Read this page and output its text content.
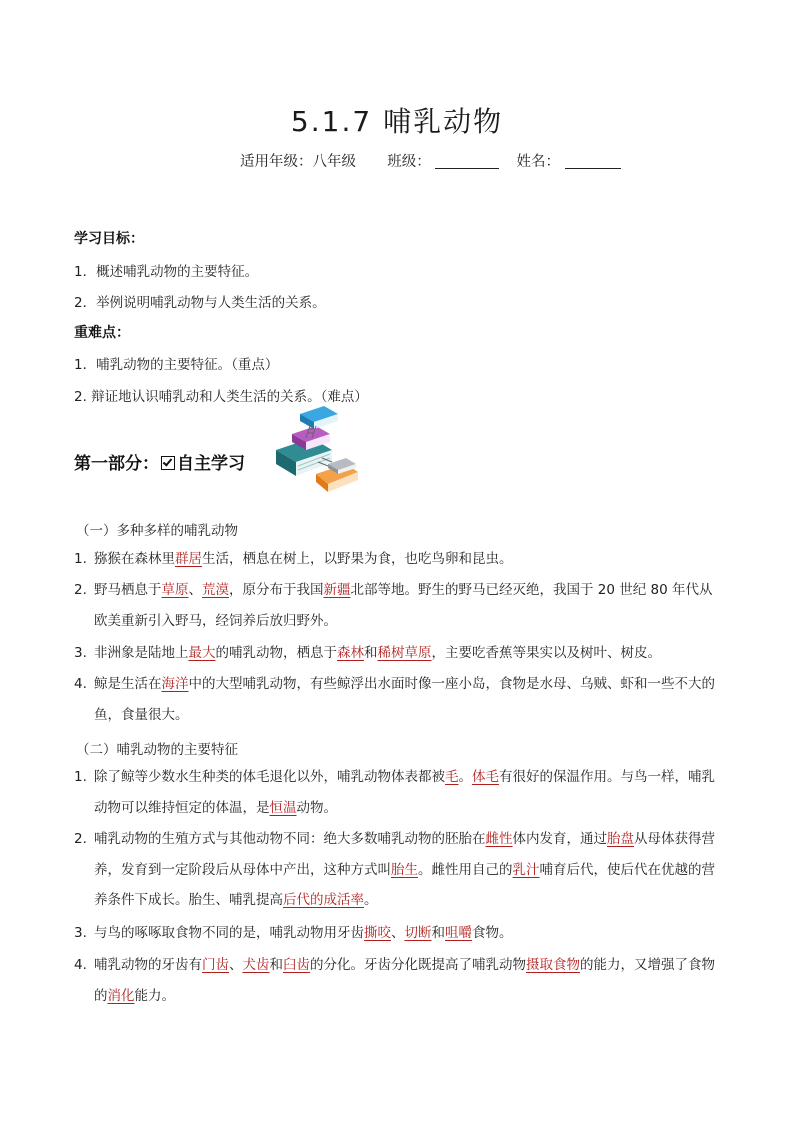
5.1.7 哺乳动物
适用年级：八年级 班级：	姓名：
学习目标：
1．概述哺乳动物的主要特征。
2．举例说明哺乳动物与人类生活的关系。
重难点：
1．哺乳动物的主要特征。（重点）
2. 辩证地认识哺乳动和人类生活的关系。（难点）
第一部分： 自主学习
（一）多种多样的哺乳动物
1. 猕猴在森林里群居生活，栖息在树上，以野果为食，也吃鸟卵和昆虫。
2. 野马栖息于草原、荒漠，原分布于我国新疆北部等地。野生的野马已经灭绝，我国于 20 世纪 80 年代从欧美重新引入野马，经饲养后放归野外。
3. 非洲象是陆地上最大的哺乳动物，栖息于森林和稀树草原，主要吃香蕉等果实以及树叶、树皮。
4. 鲸是生活在海洋中的大型哺乳动物，有些鲸浮出水面时像一座小岛，食物是水母、乌贼、虾和一些不大的鱼，食量很大。
（二）哺乳动物的主要特征
1. 除了鲸等少数水生种类的体毛退化以外，哺乳动物体表都被毛。体毛有很好的保温作用。与鸟一样，哺乳动物可以维持恒定的体温，是恒温动物。
2. 哺乳动物的生殖方式与其他动物不同：绝大多数哺乳动物的胚胎在雌性体内发育，通过胎盘从母体获得营养，发育到一定阶段后从母体中产出，这种方式叫胎生。雌性用自己的乳汁哺育后代，使后代在优越的营养条件下成长。胎生、哺乳提高后代的成活率。
3. 与鸟的啄啄取食物不同的是，哺乳动物用牙齿撕咬、切断和咀嚼食物。
4. 哺乳动物的牙齿有门齿、犬齿和臼齿的分化。牙齿分化既提高了哺乳动物摄取食物的能力，又增强了食物的消化能力。
